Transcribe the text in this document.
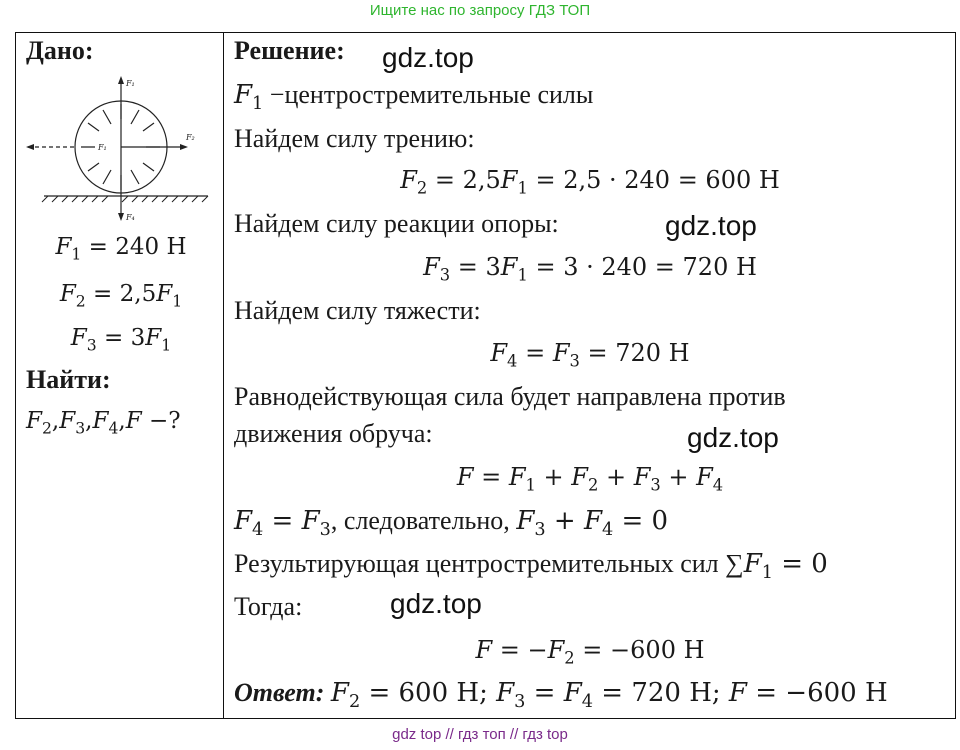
Ищите нас по запросу ГДЗ ТОП
Дано:
F₁
F₂
F₁
F₄
$F_1 = 240$ Н
$F_2 = 2,5F_1$
$F_3 = 3F_1$
Найти:
$F_2,F_3,F_4,F$ −?
Решение: gdz.top
$F_1$ −центростремительные силы
Найдем силу трению:
$F_2 = 2,5F_1 = 2,5 \cdot 240 = 600$ Н
Найдем силу реакции опоры:	gdz.top
$F_3 = 3F_1 = 3 \cdot 240 = 720$ Н
Найдем силу тяжести:
$F_4 = F_3 = 720$ Н
Равнодействующая сила будет направлена против
движения обруча:	gdz.top
$F = F_1 + F_2 + F_3 + F_4$
$F_4 = F_3$, следовательно, $F_3 + F_4 = 0$
Результирующая центростремительных сил $\sum F_1 = 0$
Тогда:	gdz.top
$F = -F_2 = -600$ Н
Ответ: $F_2 = 600$ Н; $F_3 = F_4 = 720$ Н; F = −600 Н
gdz top // гдз топ // гдз top
